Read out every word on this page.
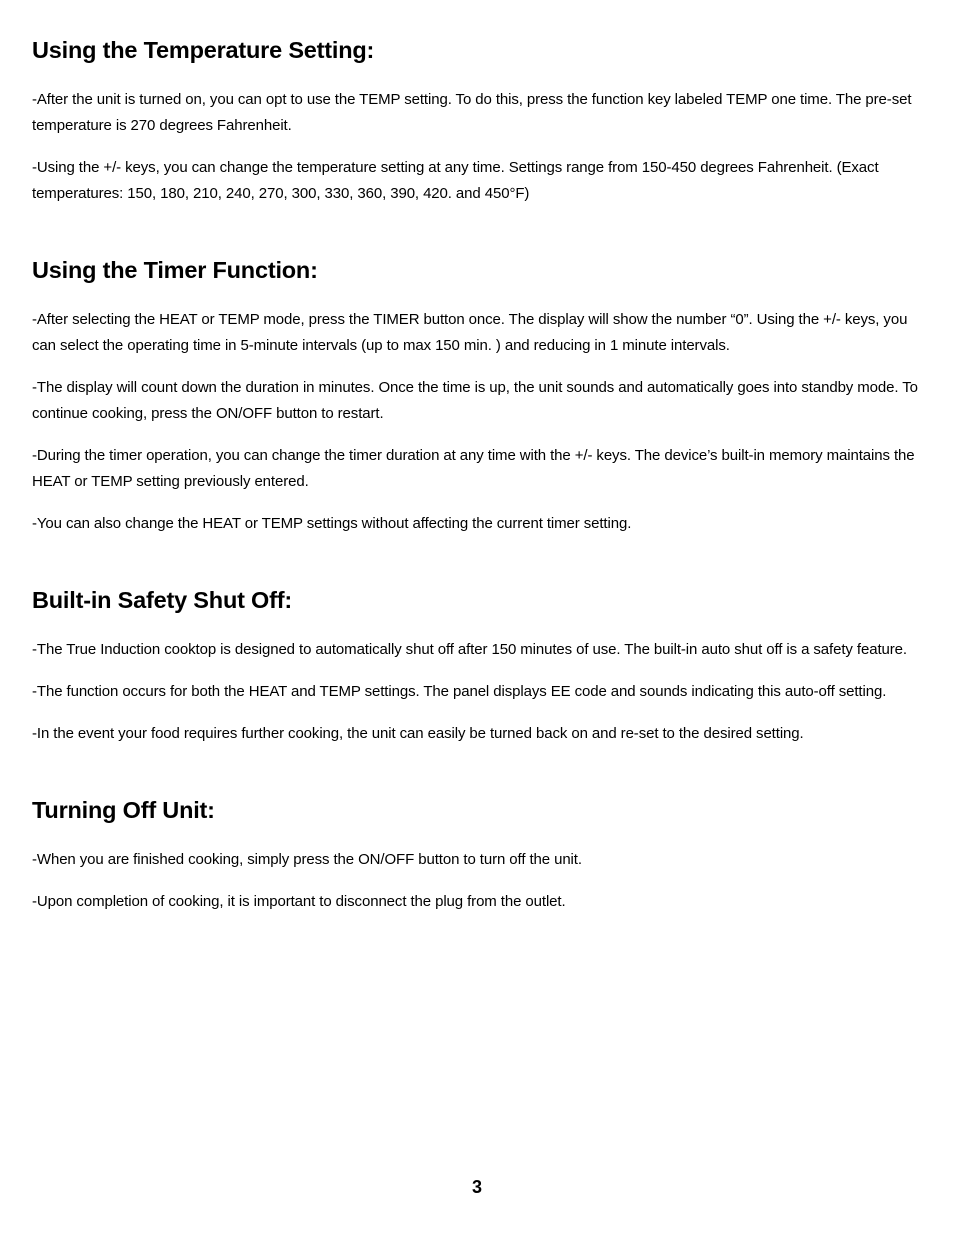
Using the Temperature Setting:

-After the unit is turned on, you can opt to use the TEMP setting. To do this, press the function key labeled TEMP one time. The pre-set temperature is 270 degrees Fahrenheit.

-Using the +/- keys, you can change the temperature setting at any time. Settings range from 150-450 degrees Fahrenheit. (Exact temperatures: 150, 180, 210, 240, 270, 300, 330, 360, 390, 420. and 450°F)

Using the Timer Function:

-After selecting the HEAT or TEMP mode, press the TIMER button once. The display will show the number “0”. Using the +/- keys, you can select the operating time in 5-minute intervals (up to max 150 min. ) and reducing in 1 minute intervals.

-The display will count down the duration in minutes. Once the time is up, the unit sounds and automatically goes into standby mode. To continue cooking, press the ON/OFF button to restart.

-During the timer operation, you can change the timer duration at any time with the +/- keys. The device’s built-in memory maintains the HEAT or TEMP setting previously entered.

-You can also change the HEAT or TEMP settings without affecting the current timer setting.

Built-in Safety Shut Off:

-The True Induction cooktop is designed to automatically shut off after 150 minutes of use. The built-in auto shut off is a safety feature.

-The function occurs for both the HEAT and TEMP settings. The panel displays EE code and sounds indicating this auto-off setting.

-In the event your food requires further cooking, the unit can easily be turned back on and re-set to the desired setting.

Turning Off Unit:

-When you are finished cooking, simply press the ON/OFF button to turn off the unit.

-Upon completion of cooking, it is important to disconnect the plug from the outlet.

3
